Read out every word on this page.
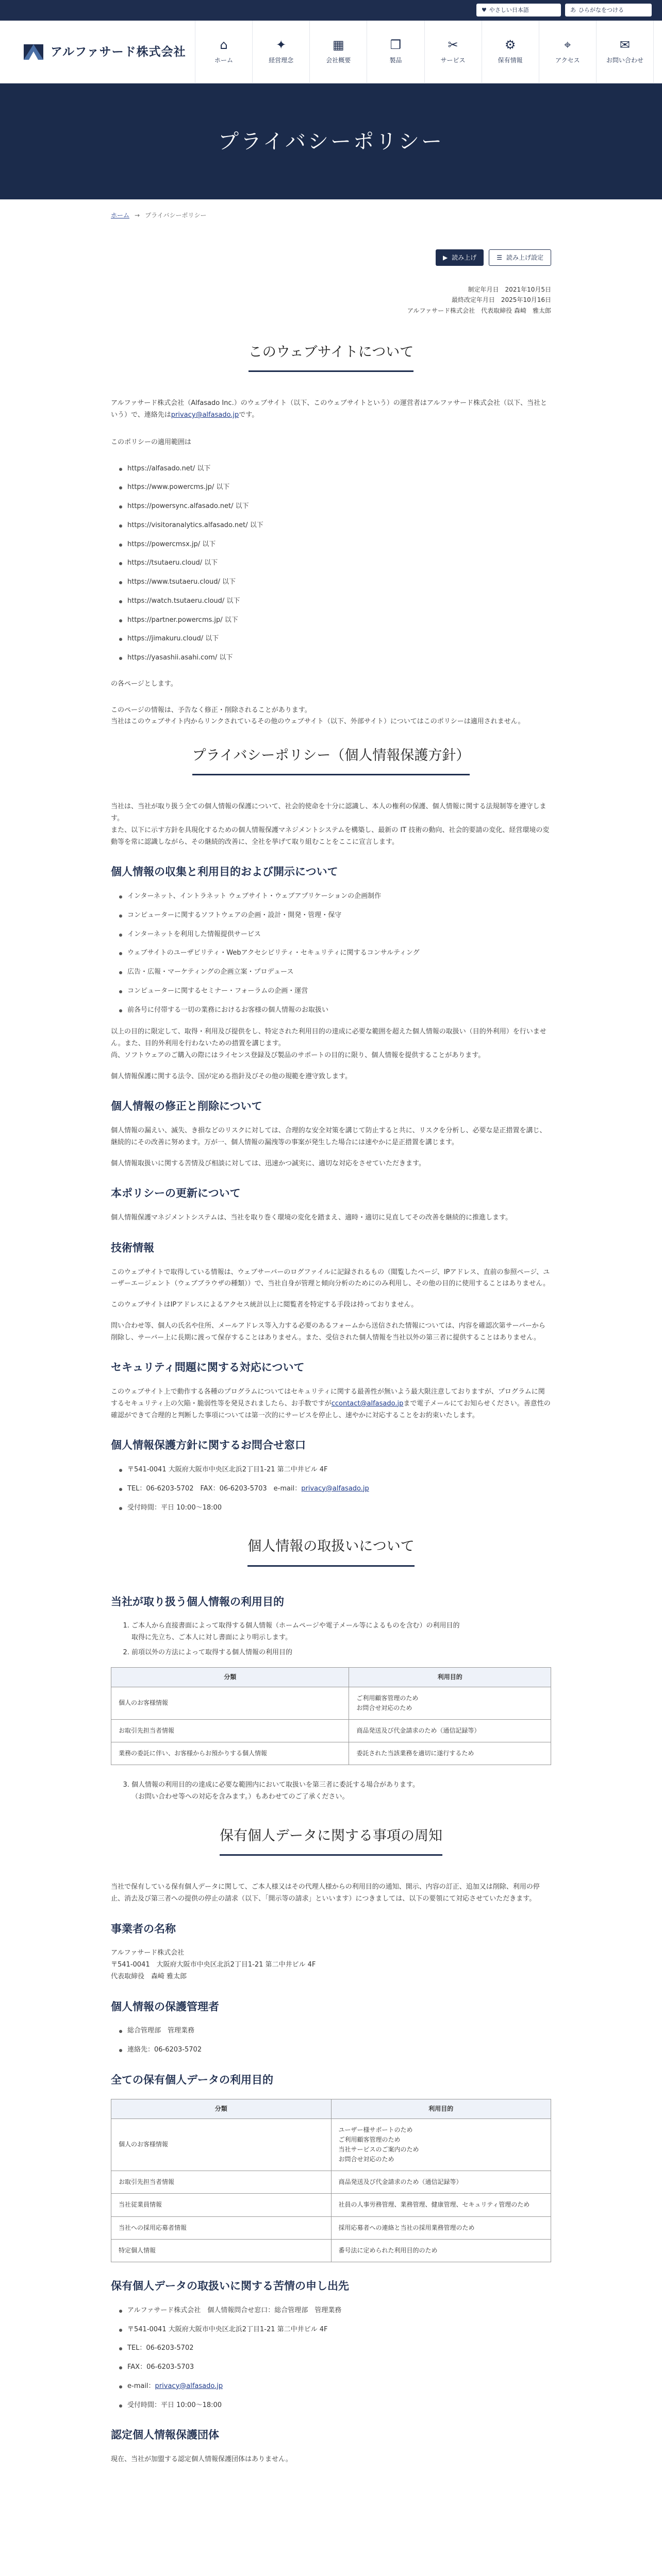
♥ やさしい日本語	あ ひらがなをつける
アルファサード株式会社
⌂
ホーム
✦
経営理念
▦
会社概要
❒
製品
✂
サービス
⚙
保有情報
⌖
アクセス
✉
お問い合わせ
プライバシーポリシー
ホーム → プライバシーポリシー
▶ 読み上げ	☰ 読み上げ設定
制定年月日　2021年10月5日
最終改定年月日　2025年10月16日
アルファサード株式会社　代表取締役 森崎　雅太郎
このウェブサイトについて

アルファサード株式会社（Alfasado Inc.）のウェブサイト（以下、このウェブサイトという）の運営者はアルファサード株式会社（以下、当社という）で、連絡先はprivacy@alfasado.jpです。

このポリシーの適用範囲は

https://alfasado.net/ 以下
https://www.powercms.jp/ 以下
https://powersync.alfasado.net/ 以下
https://visitoranalytics.alfasado.net/ 以下
https://powercmsx.jp/ 以下
https://tsutaeru.cloud/ 以下
https://www.tsutaeru.cloud/ 以下
https://watch.tsutaeru.cloud/ 以下
https://partner.powercms.jp/ 以下
https://jimakuru.cloud/ 以下
https://yasashii.asahi.com/ 以下

の各ページとします。

このページの情報は、予告なく修正・削除されることがあります。

当社はこのウェブサイト内からリンクされているその他のウェブサイト（以下、外部サイト）についてはこのポリシーは適用されません。

プライバシーポリシー（個人情報保護方針）

当社は、当社が取り扱う全ての個人情報の保護について、社会的使命を十分に認識し、本人の権利の保護、個人情報に関する法規制等を遵守します。

また、以下に示す方針を具現化するための個人情報保護マネジメントシステムを構築し、最新の IT 技術の動向、社会的要請の変化、経営環境の変動等を常に認識しながら、その継続的改善に、全社を挙げて取り組むことをここに宣言します。

個人情報の収集と利用目的および開示について
インターネット、イントラネット ウェブサイト・ウェブアプリケーションの企画制作
コンピューターに関するソフトウェアの企画・設計・開発・管理・保守
インターネットを利用した情報提供サービス
ウェブサイトのユーザビリティ・Webアクセシビリティ・セキュリティに関するコンサルティング
広告・広報・マーケティングの企画立案・プロデュース
コンピューターに関するセミナー・フォーラムの企画・運営
前各号に付帯する一切の業務におけるお客様の個人情報のお取扱い

以上の目的に限定して、取得・利用及び提供をし、特定された利用目的の達成に必要な範囲を超えた個人情報の取扱い（目的外利用）を行いません。また、目的外利用を行わないための措置を講じます。

尚、ソフトウェアのご購入の際にはライセンス登録及び製品のサポートの目的に限り、個人情報を提供することがあります。

個人情報保護に関する法令、国が定める指針及びその他の規範を遵守致します。

個人情報の修正と削除について

個人情報の漏えい、滅失、き損などのリスクに対しては、合理的な安全対策を講じて防止すると共に、リスクを分析し、必要な是正措置を講じ、継続的にその改善に努めます。万が一、個人情報の漏洩等の事案が発生した場合には速やかに是正措置を講じます。

個人情報取扱いに関する苦情及び相談に対しては、迅速かつ誠実に、適切な対応をさせていただきます。

本ポリシーの更新について

個人情報保護マネジメントシステムは、当社を取り巻く環境の変化を踏まえ、適時・適切に見直してその改善を継続的に推進します。

技術情報

このウェブサイトで取得している情報は、ウェブサーバーのログファイルに記録されるもの（閲覧したページ、IPアドレス、直前の参照ページ、ユーザーエージェント（ウェブブラウザの種類））で、当社自身が管理と傾向分析のためにのみ利用し、その他の目的に使用することはありません。

このウェブサイトはIPアドレスによるアクセス統計以上に閲覧者を特定する手段は持っておりません。

問い合わせ等、個人の氏名や住所、メールアドレス等入力する必要のあるフォームから送信された情報については、内容を確認次第サーバーから削除し、サーバー上に長期に渡って保存することはありません。また、受信された個人情報を当社以外の第三者に提供することはありません。

セキュリティ問題に関する対応について

このウェブサイト上で動作する各種のプログラムについてはセキュリティに関する最善性が無いよう最大限注意しておりますが、プログラムに関するセキュリティ上の欠陥・脆弱性等を発見されましたら、お手数ですがccontact@alfasado.jpまで電子メールにてお知らせください。善意性の確認ができて合理的と判断した事項については第一次的にサービスを停止し、速やかに対応することをお約束いたします。

個人情報保護方針に関するお問合せ窓口
〒541-0041 大阪府大阪市中央区北浜2丁目1-21 第二中井ビル 4F
TEL：06-6203-5702　FAX：06-6203-5703　e-mail：privacy@alfasado.jp
受付時間：平日 10:00～18:00
個人情報の取扱いについて
当社が取り扱う個人情報の利用目的
1. ご本人から直接書面によって取得する個人情報（ホームページや電子メール等によるものを含む）の利用目的
取得に先立ち、ご本人に対し書面により明示します。
2. 前項以外の方法によって取得する個人情報の利用目的
分類	利用目的
個人のお客様情報	ご利用顧客管理のため
お問合せ対応のため
お取引先担当者情報	商品発送及び代金請求のため（通信記録等）
業務の委託に伴い、お客様からお預かりする個人情報	委託された当該業務を適切に遂行するため
3. 個人情報の利用目的の達成に必要な範囲内において取扱いを第三者に委託する場合があります。
（お問い合わせ等への対応を含みます。）もあわせてのご了承ください。
保有個人データに関する事項の周知

当社で保有している保有個人データに関して、ご本人様又はその代理人様からの利用目的の通知、開示、内容の訂正、追加又は削除、利用の停止、消去及び第三者への提供の停止の請求（以下、「開示等の請求」といいます）につきましては、以下の要領にて対応させていただきます。

事業者の名称
アルファサード株式会社
〒541-0041　大阪府大阪市中央区北浜2丁目1-21 第二中井ビル 4F
代表取締役　森崎 雅太郎
個人情報の保護管理者
総合管理部　管理業務
連絡先：06-6203-5702
全ての保有個人データの利用目的
分類	利用目的
個人のお客様情報	ユーザー様サポートのため
ご利用顧客管理のため
当社サービスのご案内のため
お問合せ対応のため
お取引先担当者情報	商品発送及び代金請求のため（通信記録等）
当社従業員情報	社員の人事労務管理、業務管理、健康管理、セキュリティ管理のため
当社への採用応募者情報	採用応募者への連絡と当社の採用業務管理のため
特定個人情報	番号法に定められた利用目的のため
保有個人データの取扱いに関する苦情の申し出先
アルファサード株式会社　個人情報問合せ窓口：総合管理部　管理業務
〒541-0041 大阪府大阪市中央区北浜2丁目1-21 第二中井ビル 4F
TEL：06-6203-5702
FAX：06-6203-5703
e-mail：privacy@alfasado.jp
受付時間：平日 10:00～18:00
認定個人情報保護団体

現在、当社が加盟する認定個人情報保護団体はありません。
